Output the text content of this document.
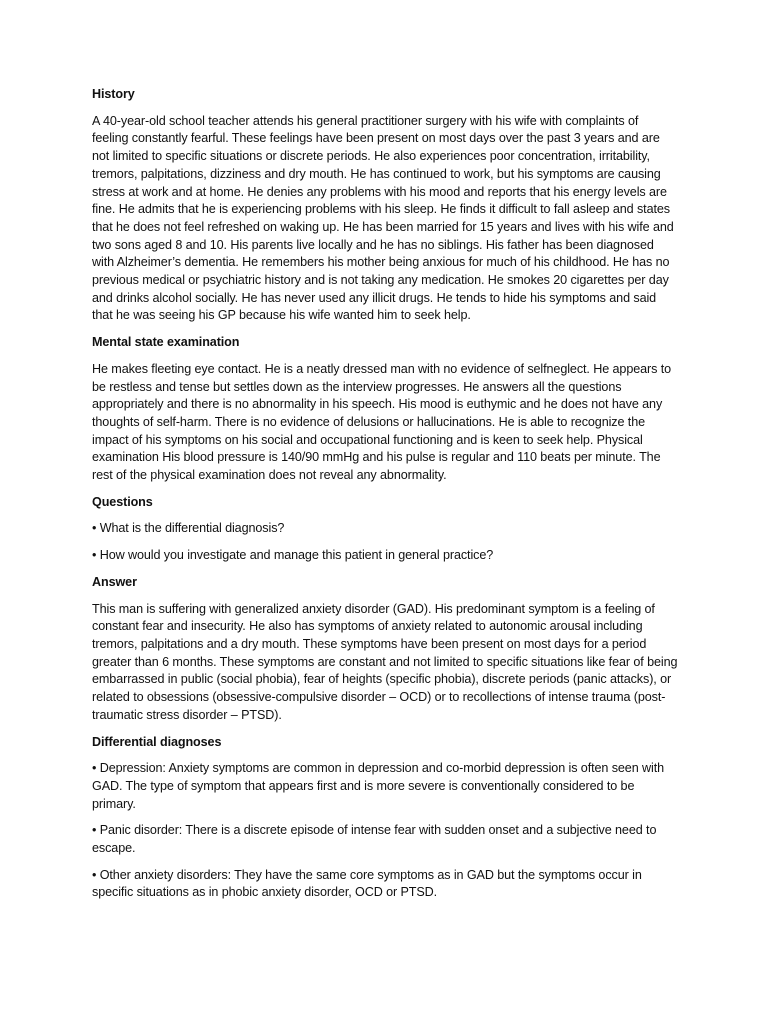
History

A 40-year-old school teacher attends his general practitioner surgery with his wife with complaints of feeling constantly fearful. These feelings have been present on most days over the past 3 years and are not limited to specific situations or discrete periods. He also experiences poor concentration, irritability, tremors, palpitations, dizziness and dry mouth. He has continued to work, but his symptoms are causing stress at work and at home. He denies any problems with his mood and reports that his energy levels are fine. He admits that he is experiencing problems with his sleep. He finds it difficult to fall asleep and states that he does not feel refreshed on waking up. He has been married for 15 years and lives with his wife and two sons aged 8 and 10. His parents live locally and he has no siblings. His father has been diagnosed with Alzheimer’s dementia. He remembers his mother being anxious for much of his childhood. He has no previous medical or psychiatric history and is not taking any medication. He smokes 20 cigarettes per day and drinks alcohol socially. He has never used any illicit drugs. He tends to hide his symptoms and said that he was seeing his GP because his wife wanted him to seek help.

Mental state examination

He makes fleeting eye contact. He is a neatly dressed man with no evidence of selfneglect. He appears to be restless and tense but settles down as the interview progresses. He answers all the questions appropriately and there is no abnormality in his speech. His mood is euthymic and he does not have any thoughts of self-harm. There is no evidence of delusions or hallucinations. He is able to recognize the impact of his symptoms on his social and occupational functioning and is keen to seek help. Physical examination His blood pressure is 140/90 mmHg and his pulse is regular and 110 beats per minute. The rest of the physical examination does not reveal any abnormality.

Questions

• What is the differential diagnosis?

• How would you investigate and manage this patient in general practice?

Answer

This man is suffering with generalized anxiety disorder (GAD). His predominant symptom is a feeling of constant fear and insecurity. He also has symptoms of anxiety related to autonomic arousal including tremors, palpitations and a dry mouth. These symptoms have been present on most days for a period greater than 6 months. These symptoms are constant and not limited to specific situations like fear of being embarrassed in public (social phobia), fear of heights (specific phobia), discrete periods (panic attacks), or related to obsessions (obsessive-compulsive disorder – OCD) or to recollections of intense trauma (post-traumatic stress disorder – PTSD).

Differential diagnoses

• Depression: Anxiety symptoms are common in depression and co-morbid depression is often seen with GAD. The type of symptom that appears first and is more severe is conventionally considered to be primary.

• Panic disorder: There is a discrete episode of intense fear with sudden onset and a subjective need to escape.

• Other anxiety disorders: They have the same core symptoms as in GAD but the symptoms occur in specific situations as in phobic anxiety disorder, OCD or PTSD.
